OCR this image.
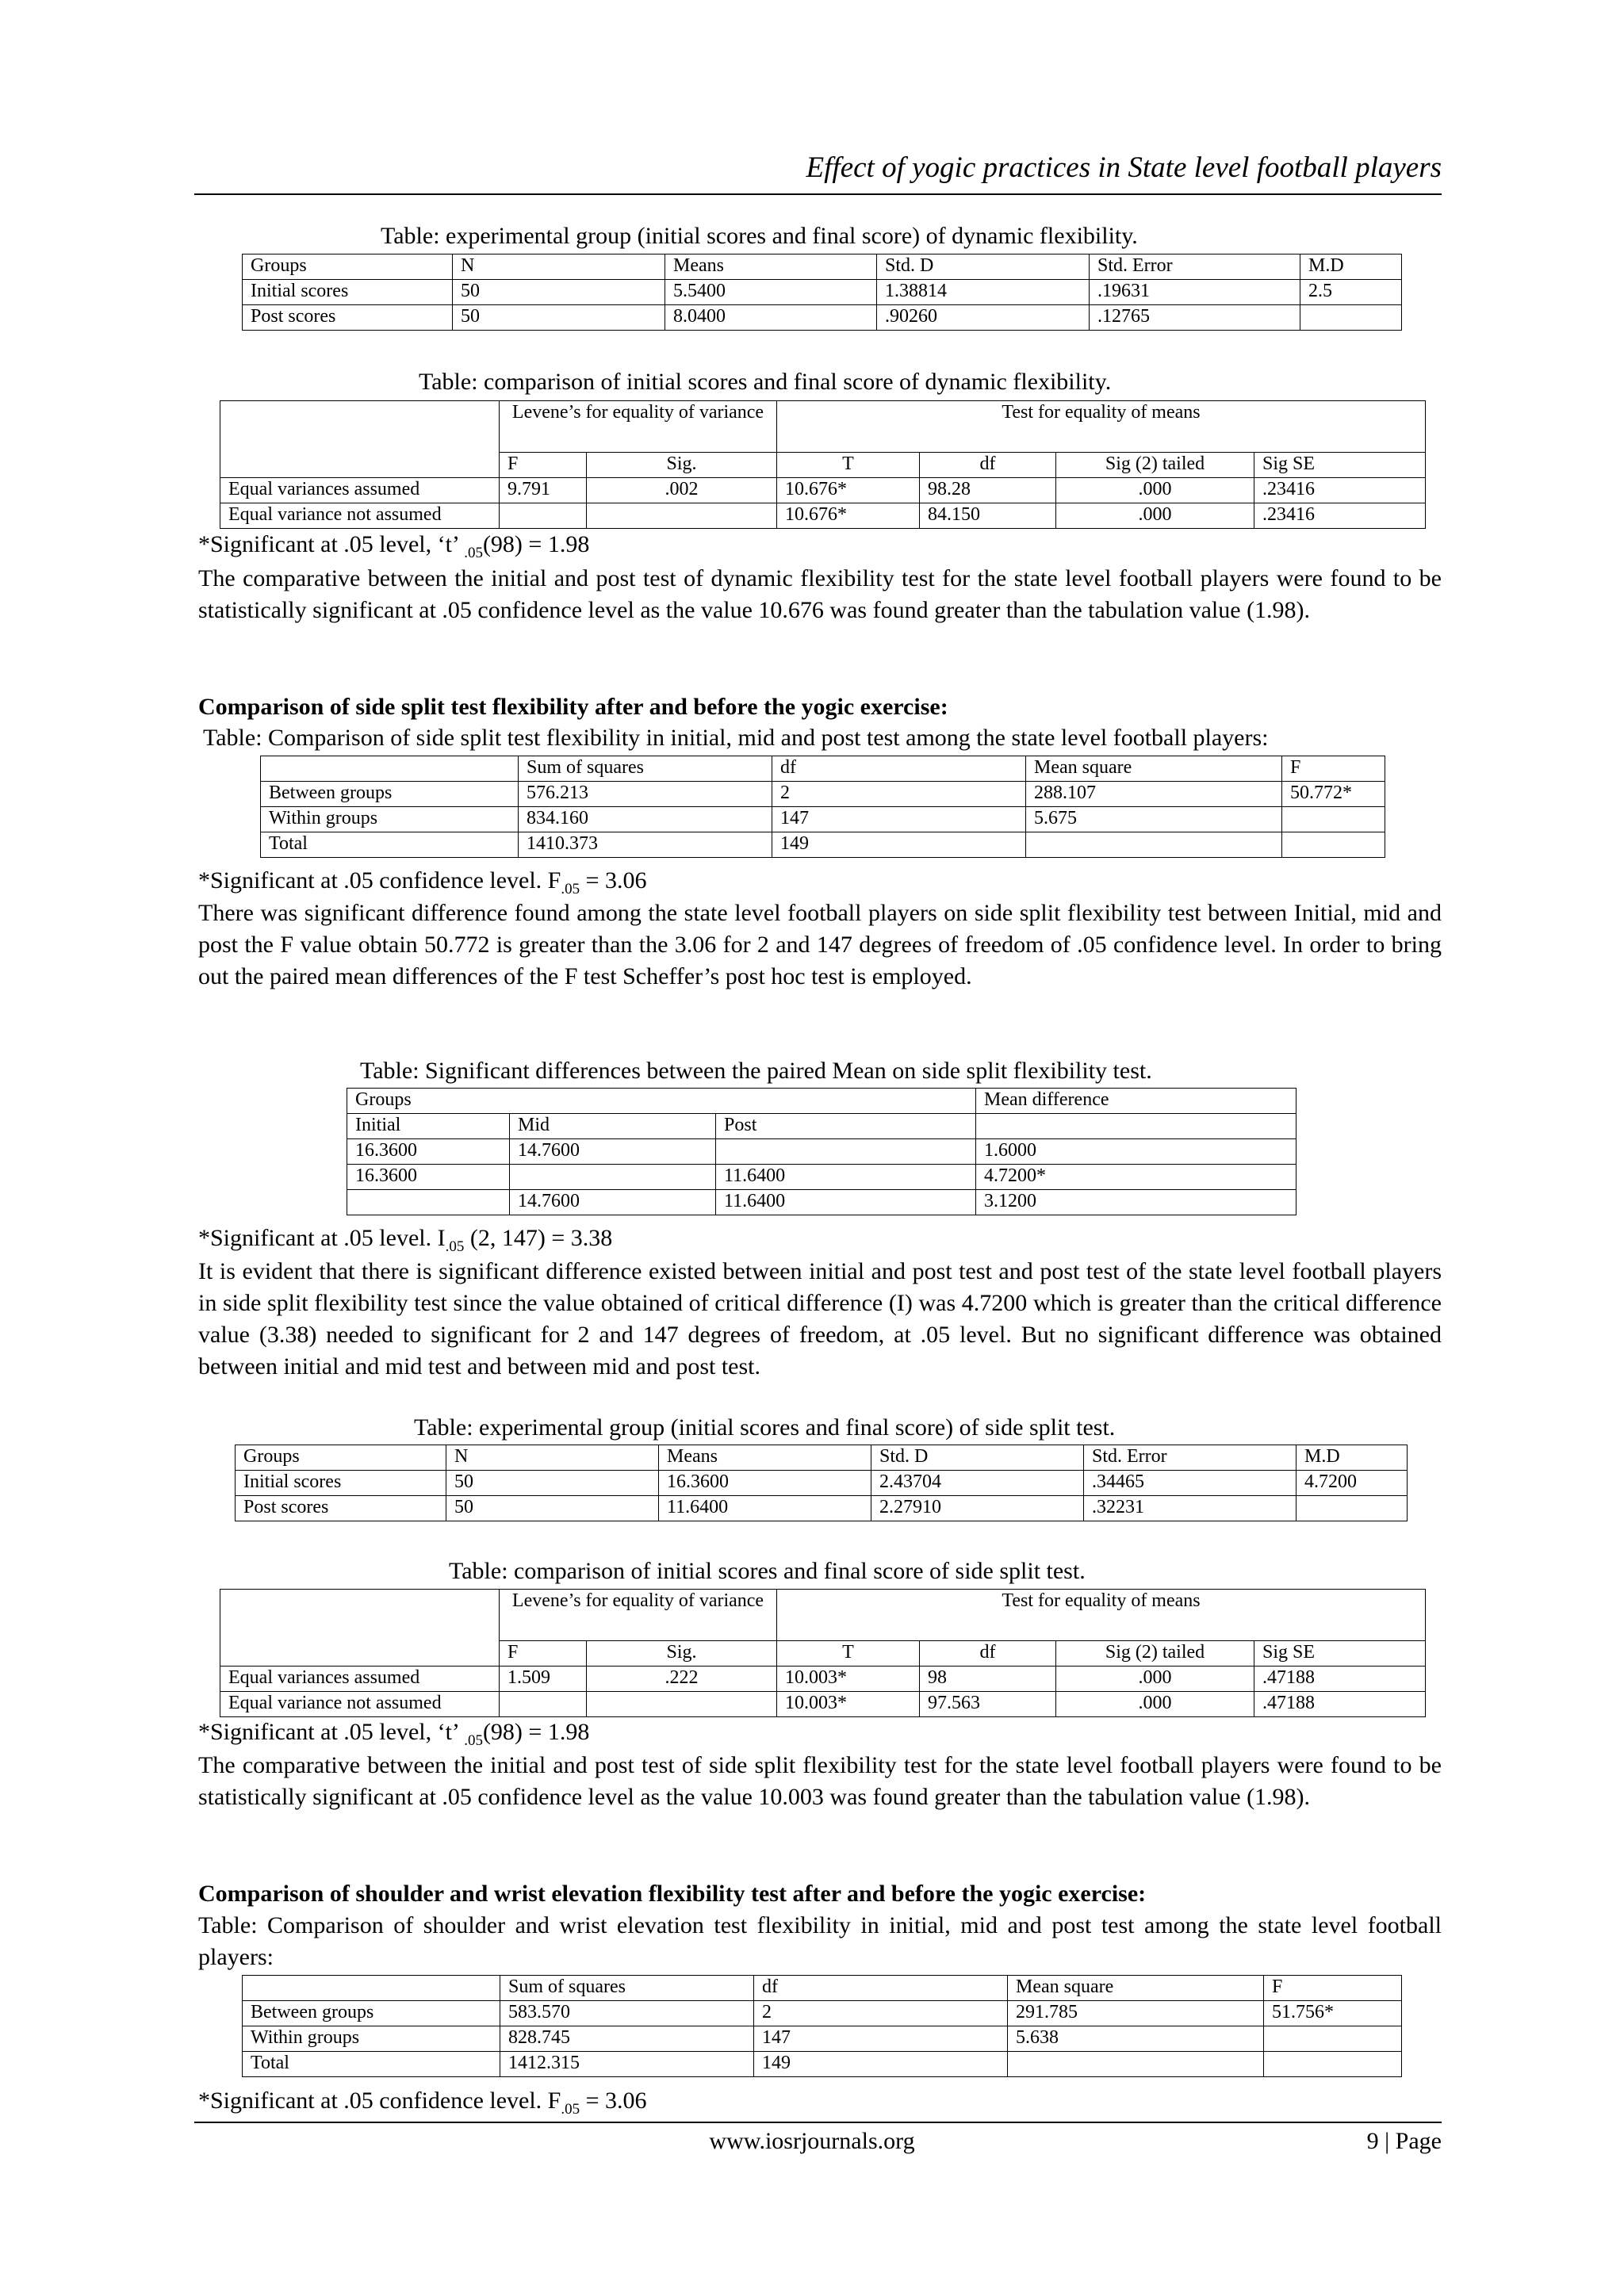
Effect of yogic practices in State level football players
Table: experimental group (initial scores and final score) of dynamic flexibility.
Groups	N	Means	Std. D	Std. Error	M.D
Initial scores	50	5.5400	1.38814	.19631	2.5
Post scores	50	8.0400	.90260	.12765	
Table: comparison of initial scores and final score of dynamic flexibility.
	Levene’s for equality of variance		Test for equality of means			
	F	Sig.	T	df	Sig (2) tailed	Sig SE
Equal variances assumed	9.791	.002	10.676*	98.28	.000	.23416
Equal variance not assumed			10.676*	84.150	.000	.23416
*Significant at .05 level, ‘t’ $_{.05}$(98) = 1.98
The comparative between the initial and post test of dynamic flexibility test for the state level football players were found to be statistically significant at .05 confidence level as the value 10.676 was found greater than the tabulation value (1.98).
Comparison of side split test flexibility after and before the yogic exercise:
Table: Comparison of side split test flexibility in initial, mid and post test among the state level football players:
	Sum of squares	df	Mean square	F
Between groups	576.213	2	288.107	50.772*
Within groups	834.160	147	5.675	
Total	1410.373	149		
*Significant at .05 confidence level. $F_{.05} = 3.06$
There was significant difference found among the state level football players on side split flexibility test between Initial, mid and post the F value obtain 50.772 is greater than the 3.06 for 2 and 147 degrees of freedom of .05 confidence level. In order to bring out the paired mean differences of the F test Scheffer’s post hoc test is employed.
Table: Significant differences between the paired Mean on side split flexibility test.
Groups			Mean difference
Initial	Mid	Post	
16.3600	14.7600		1.6000
16.3600		11.6400	4.7200*
	14.7600	11.6400	3.1200
*Significant at .05 level. $I_{.05}$ (2, 147) = 3.38
It is evident that there is significant difference existed between initial and post test and post test of the state level football players in side split flexibility test since the value obtained of critical difference (I) was 4.7200 which is greater than the critical difference value (3.38) needed to significant for 2 and 147 degrees of freedom, at .05 level. But no significant difference was obtained between initial and mid test and between mid and post test.
Table: experimental group (initial scores and final score) of side split test.
Groups	N	Means	Std. D	Std. Error	M.D
Initial scores	50	16.3600	2.43704	.34465	4.7200
Post scores	50	11.6400	2.27910	.32231	
Table: comparison of initial scores and final score of side split test.
	Levene’s for equality of variance		Test for equality of means			
	F	Sig.	T	df	Sig (2) tailed	Sig SE
Equal variances assumed	1.509	.222	10.003*	98	.000	.47188
Equal variance not assumed			10.003*	97.563	.000	.47188
*Significant at .05 level, ‘t’ $_{.05}$(98) = 1.98
The comparative between the initial and post test of side split flexibility test for the state level football players were found to be statistically significant at .05 confidence level as the value 10.003 was found greater than the tabulation value (1.98).
Comparison of shoulder and wrist elevation flexibility test after and before the yogic exercise:
Table: Comparison of shoulder and wrist elevation test flexibility in initial, mid and post test among the state level football players:
	Sum of squares	df	Mean square	F
Between groups	583.570	2	291.785	51.756*
Within groups	828.745	147	5.638	
Total	1412.315	149		
*Significant at .05 confidence level. $F_{.05} = 3.06$
www.iosrjournals.org	9 | Page
